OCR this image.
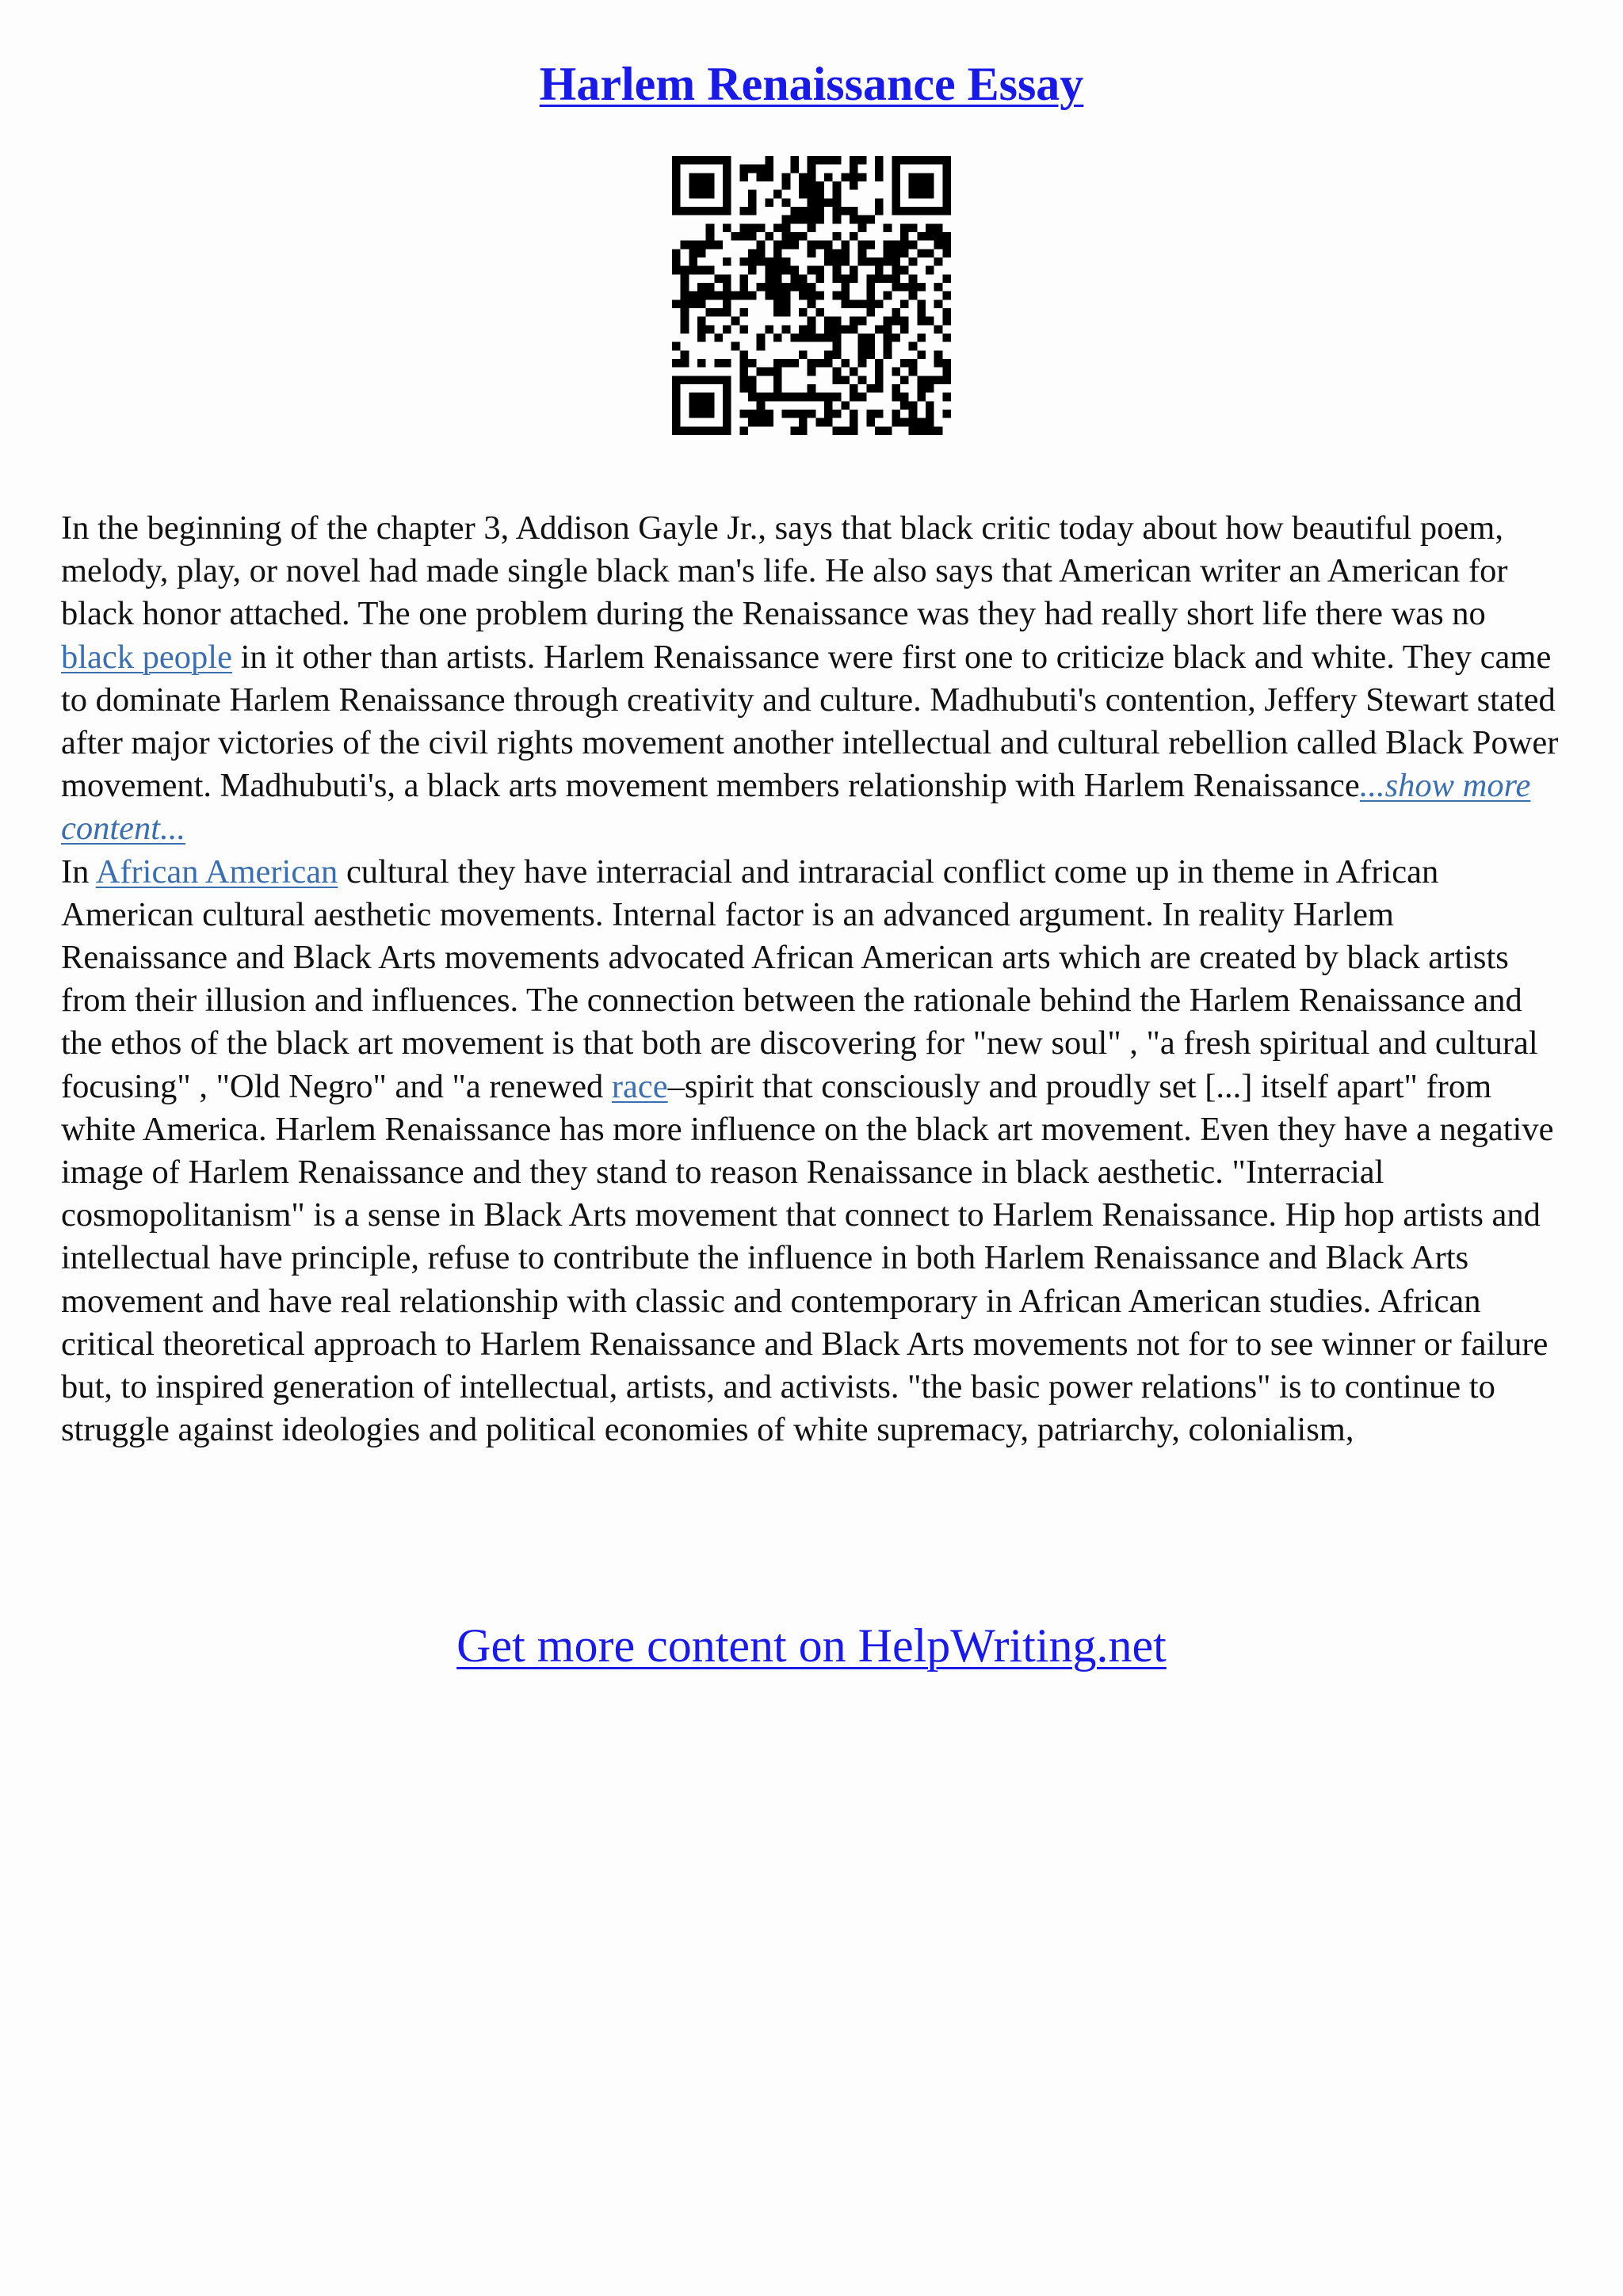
Harlem Renaissance Essay

In the beginning of the chapter 3, Addison Gayle Jr., says that black critic today about how beautiful poem, melody, play, or novel had made single black man's life. He also says that American writer an American for black honor attached. The one problem during the Renaissance was they had really short life there was no black people in it other than artists. Harlem Renaissance were first one to criticize black and white. They came to dominate Harlem Renaissance through creativity and culture. Madhubuti's contention, Jeffery Stewart stated after major victories of the civil rights movement another intellectual and cultural rebellion called Black Power movement. Madhubuti's, a black arts movement members relationship with Harlem Renaissance...show more content...

In African American cultural they have interracial and intraracial conflict come up in theme in African American cultural aesthetic movements. Internal factor is an advanced argument. In reality Harlem Renaissance and Black Arts movements advocated African American arts which are created by black artists from their illusion and influences. The connection between the rationale behind the Harlem Renaissance and the ethos of the black art movement is that both are discovering for "new soul" , "a fresh spiritual and cultural focusing" , "Old Negro" and "a renewed race–spirit that consciously and proudly set [...] itself apart" from white America. Harlem Renaissance has more influence on the black art movement. Even they have a negative image of Harlem Renaissance and they stand to reason Renaissance in black aesthetic. "Interracial cosmopolitanism" is a sense in Black Arts movement that connect to Harlem Renaissance. Hip hop artists and intellectual have principle, refuse to contribute the influence in both Harlem Renaissance and Black Arts movement and have real relationship with classic and contemporary in African American studies. African critical theoretical approach to Harlem Renaissance and Black Arts movements not for to see winner or failure but, to inspired generation of intellectual, artists, and activists. "the basic power relations" is to continue to struggle against ideologies and political economies of white supremacy, patriarchy, colonialism,

Get more content on HelpWriting.net
